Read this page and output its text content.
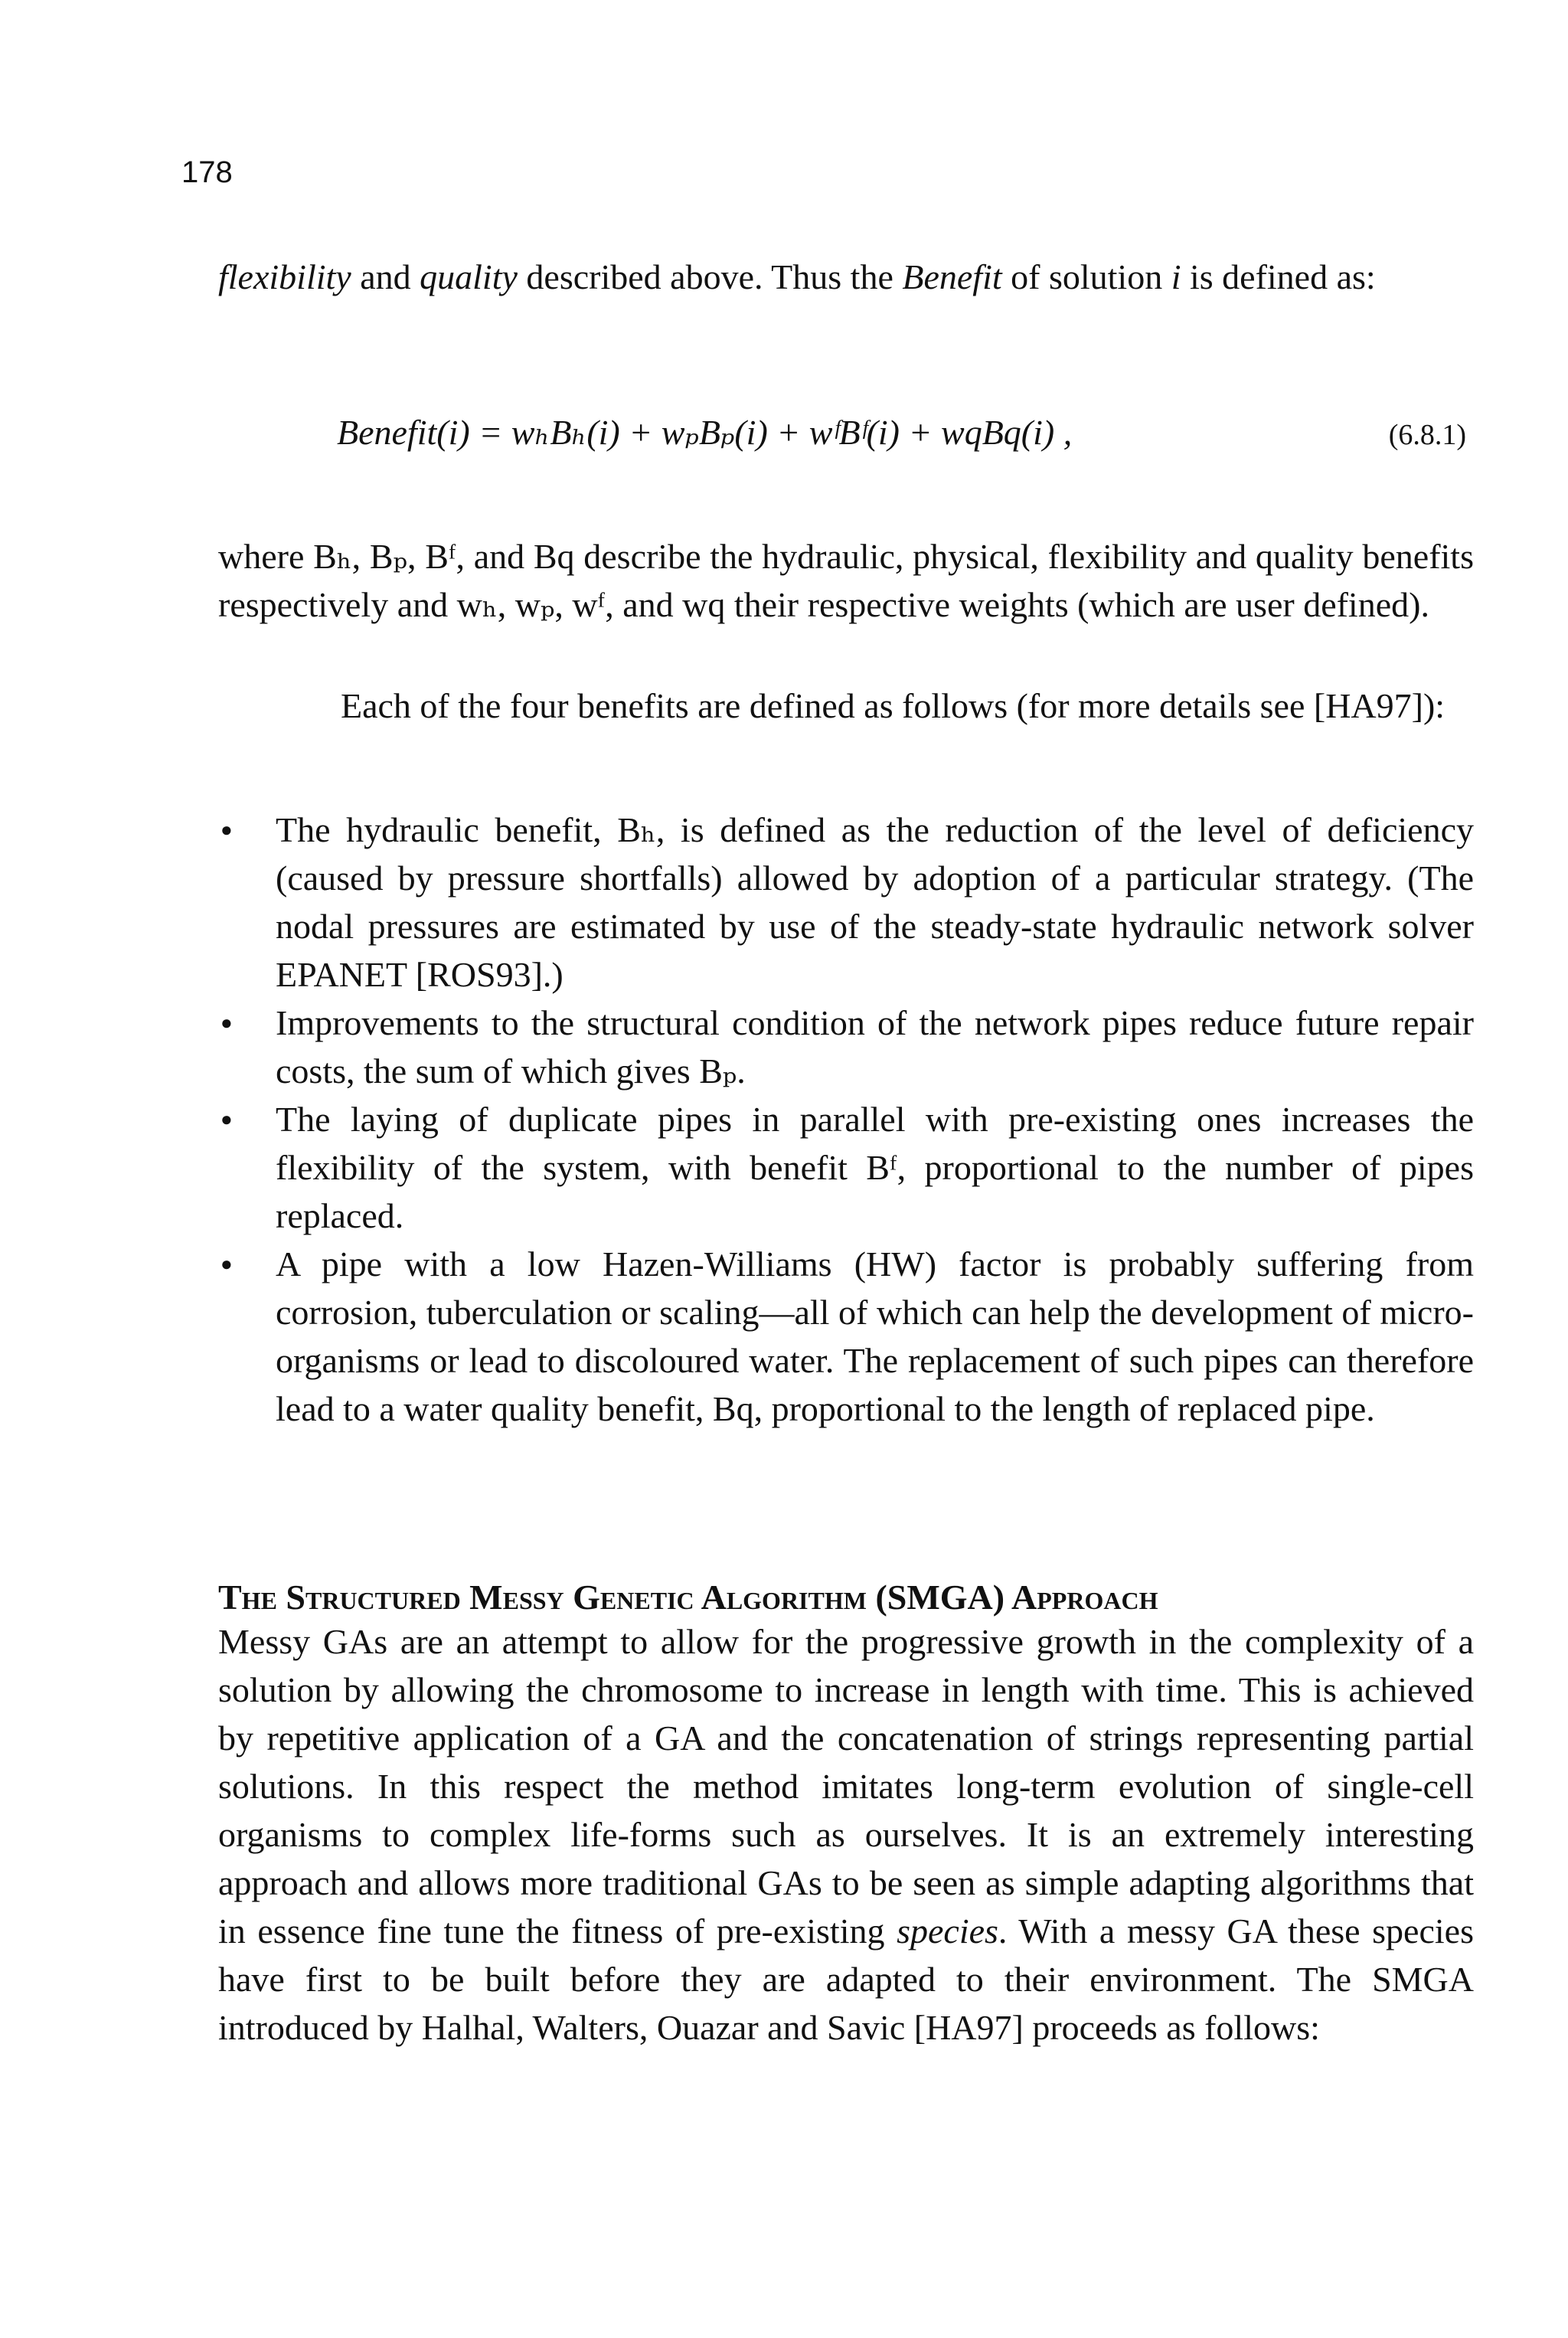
178

flexibility and quality described above. Thus the Benefit of solution i is defined as:

Benefit(i) = wₕBₕ(i) + wₚBₚ(i) + wᶠBᶠ(i) + wqBq(i) ,	(6.8.1)

where Bₕ, Bₚ, Bᶠ, and Bq describe the hydraulic, physical, flexibility and quality benefits respectively and wₕ, wₚ, wᶠ, and wq their respective weights (which are user defined).

Each of the four benefits are defined as follows (for more details see [HA97]):

● The hydraulic benefit, Bₕ, is defined as the reduction of the level of deficiency (caused by pressure shortfalls) allowed by adoption of a particular strategy. (The nodal pressures are estimated by use of the steady-state hydraulic network solver EPANET [ROS93].)
● Improvements to the structural condition of the network pipes reduce future repair costs, the sum of which gives Bₚ.
● The laying of duplicate pipes in parallel with pre-existing ones increases the flexibility of the system, with benefit Bᶠ, proportional to the number of pipes replaced.
● A pipe with a low Hazen-Williams (HW) factor is probably suffering from corrosion, tuberculation or scaling—all of which can help the development of micro-organisms or lead to discoloured water. The replacement of such pipes can therefore lead to a water quality benefit, Bq, proportional to the length of replaced pipe.
The Structured Messy Genetic Algorithm (SMGA) Approach

Messy GAs are an attempt to allow for the progressive growth in the complexity of a solution by allowing the chromosome to increase in length with time. This is achieved by repetitive application of a GA and the concatenation of strings representing partial solutions. In this respect the method imitates long-term evolution of single-cell organisms to complex life-forms such as ourselves. It is an extremely interesting approach and allows more traditional GAs to be seen as simple adapting algorithms that in essence fine tune the fitness of pre-existing species. With a messy GA these species have first to be built before they are adapted to their environment. The SMGA introduced by Halhal, Walters, Ouazar and Savic [HA97] proceeds as follows:
